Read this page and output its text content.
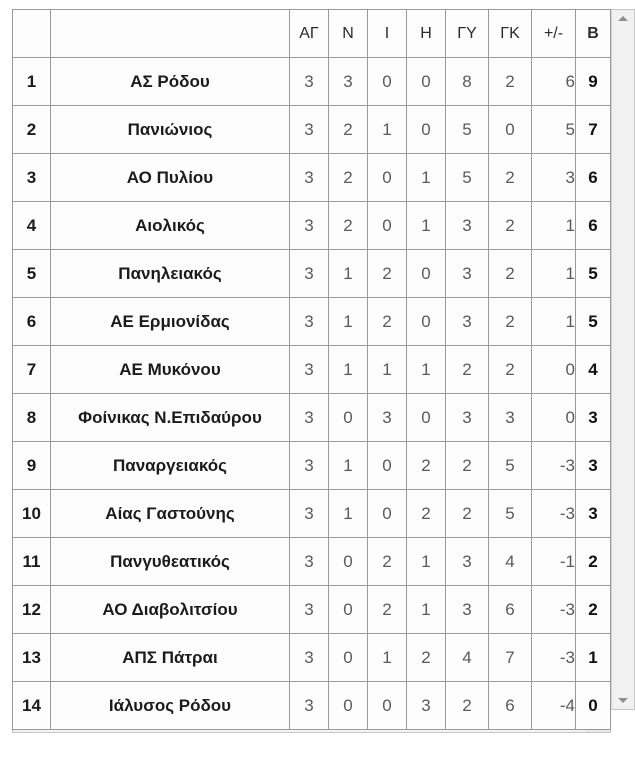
		ΑΓ	Ν	Ι	Η	ΓΥ	ΓΚ	+/-	Β
1	ΑΣ Ρόδου	3	3	0	0	8	2	6	9
2	Πανιώνιος	3	2	1	0	5	0	5	7
3	ΑΟ Πυλίου	3	2	0	1	5	2	3	6
4	Αιολικός	3	2	0	1	3	2	1	6
5	Πανηλειακός	3	1	2	0	3	2	1	5
6	ΑΕ Ερμιονίδας	3	1	2	0	3	2	1	5
7	ΑΕ Μυκόνου	3	1	1	1	2	2	0	4
8	Φοίνικας Ν.Επιδαύρου	3	0	3	0	3	3	0	3
9	Παναργειακός	3	1	0	2	2	5	-3	3
10	Αίας Γαστούνης	3	1	0	2	2	5	-3	3
11	Πανγυθεατικός	3	0	2	1	3	4	-1	2
12	ΑΟ Διαβολιτσίου	3	0	2	1	3	6	-3	2
13	ΑΠΣ Πάτραι	3	0	1	2	4	7	-3	1
14	Ιάλυσος Ρόδου	3	0	0	3	2	6	-4	0
